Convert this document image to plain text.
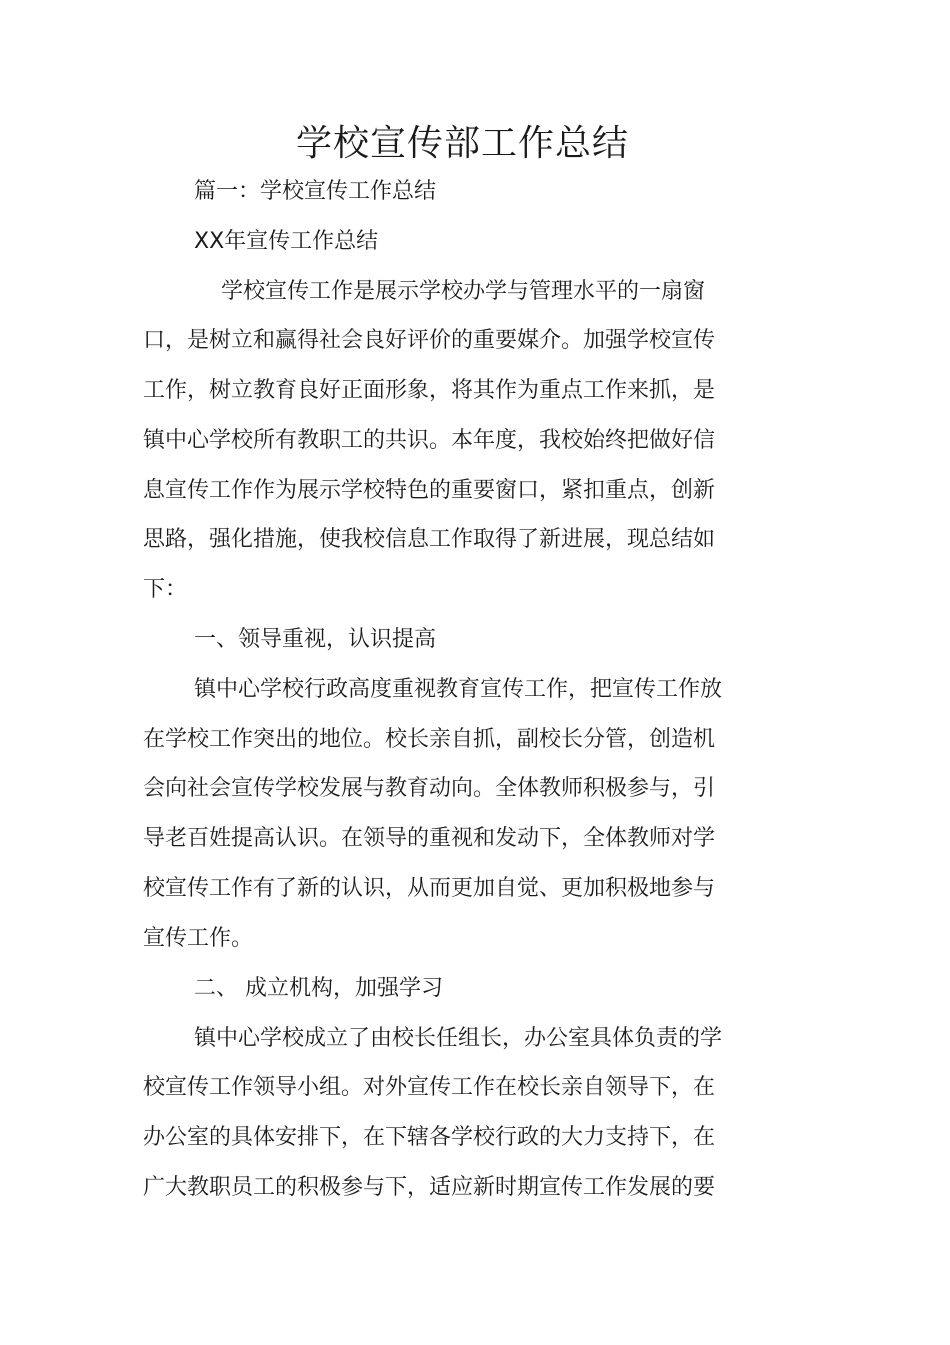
学校宣传部工作总结
篇一：学校宣传工作总结
XX年宣传工作总结
学校宣传工作是展示学校办学与管理水平的一扇窗
口，是树立和赢得社会良好评价的重要媒介。加强学校宣传
工作，树立教育良好正面形象，将其作为重点工作来抓，是
镇中心学校所有教职工的共识。本年度，我校始终把做好信
息宣传工作作为展示学校特色的重要窗口，紧扣重点，创新
思路，强化措施，使我校信息工作取得了新进展，现总结如
下：
一、领导重视，认识提高
镇中心学校行政高度重视教育宣传工作，把宣传工作放
在学校工作突出的地位。校长亲自抓，副校长分管，创造机
会向社会宣传学校发展与教育动向。全体教师积极参与，引
导老百姓提高认识。在领导的重视和发动下，全体教师对学
校宣传工作有了新的认识，从而更加自觉、更加积极地参与
宣传工作。
二、 成立机构，加强学习
镇中心学校成立了由校长任组长，办公室具体负责的学
校宣传工作领导小组。对外宣传工作在校长亲自领导下，在
办公室的具体安排下，在下辖各学校行政的大力支持下，在
广大教职员工的积极参与下，适应新时期宣传工作发展的要
